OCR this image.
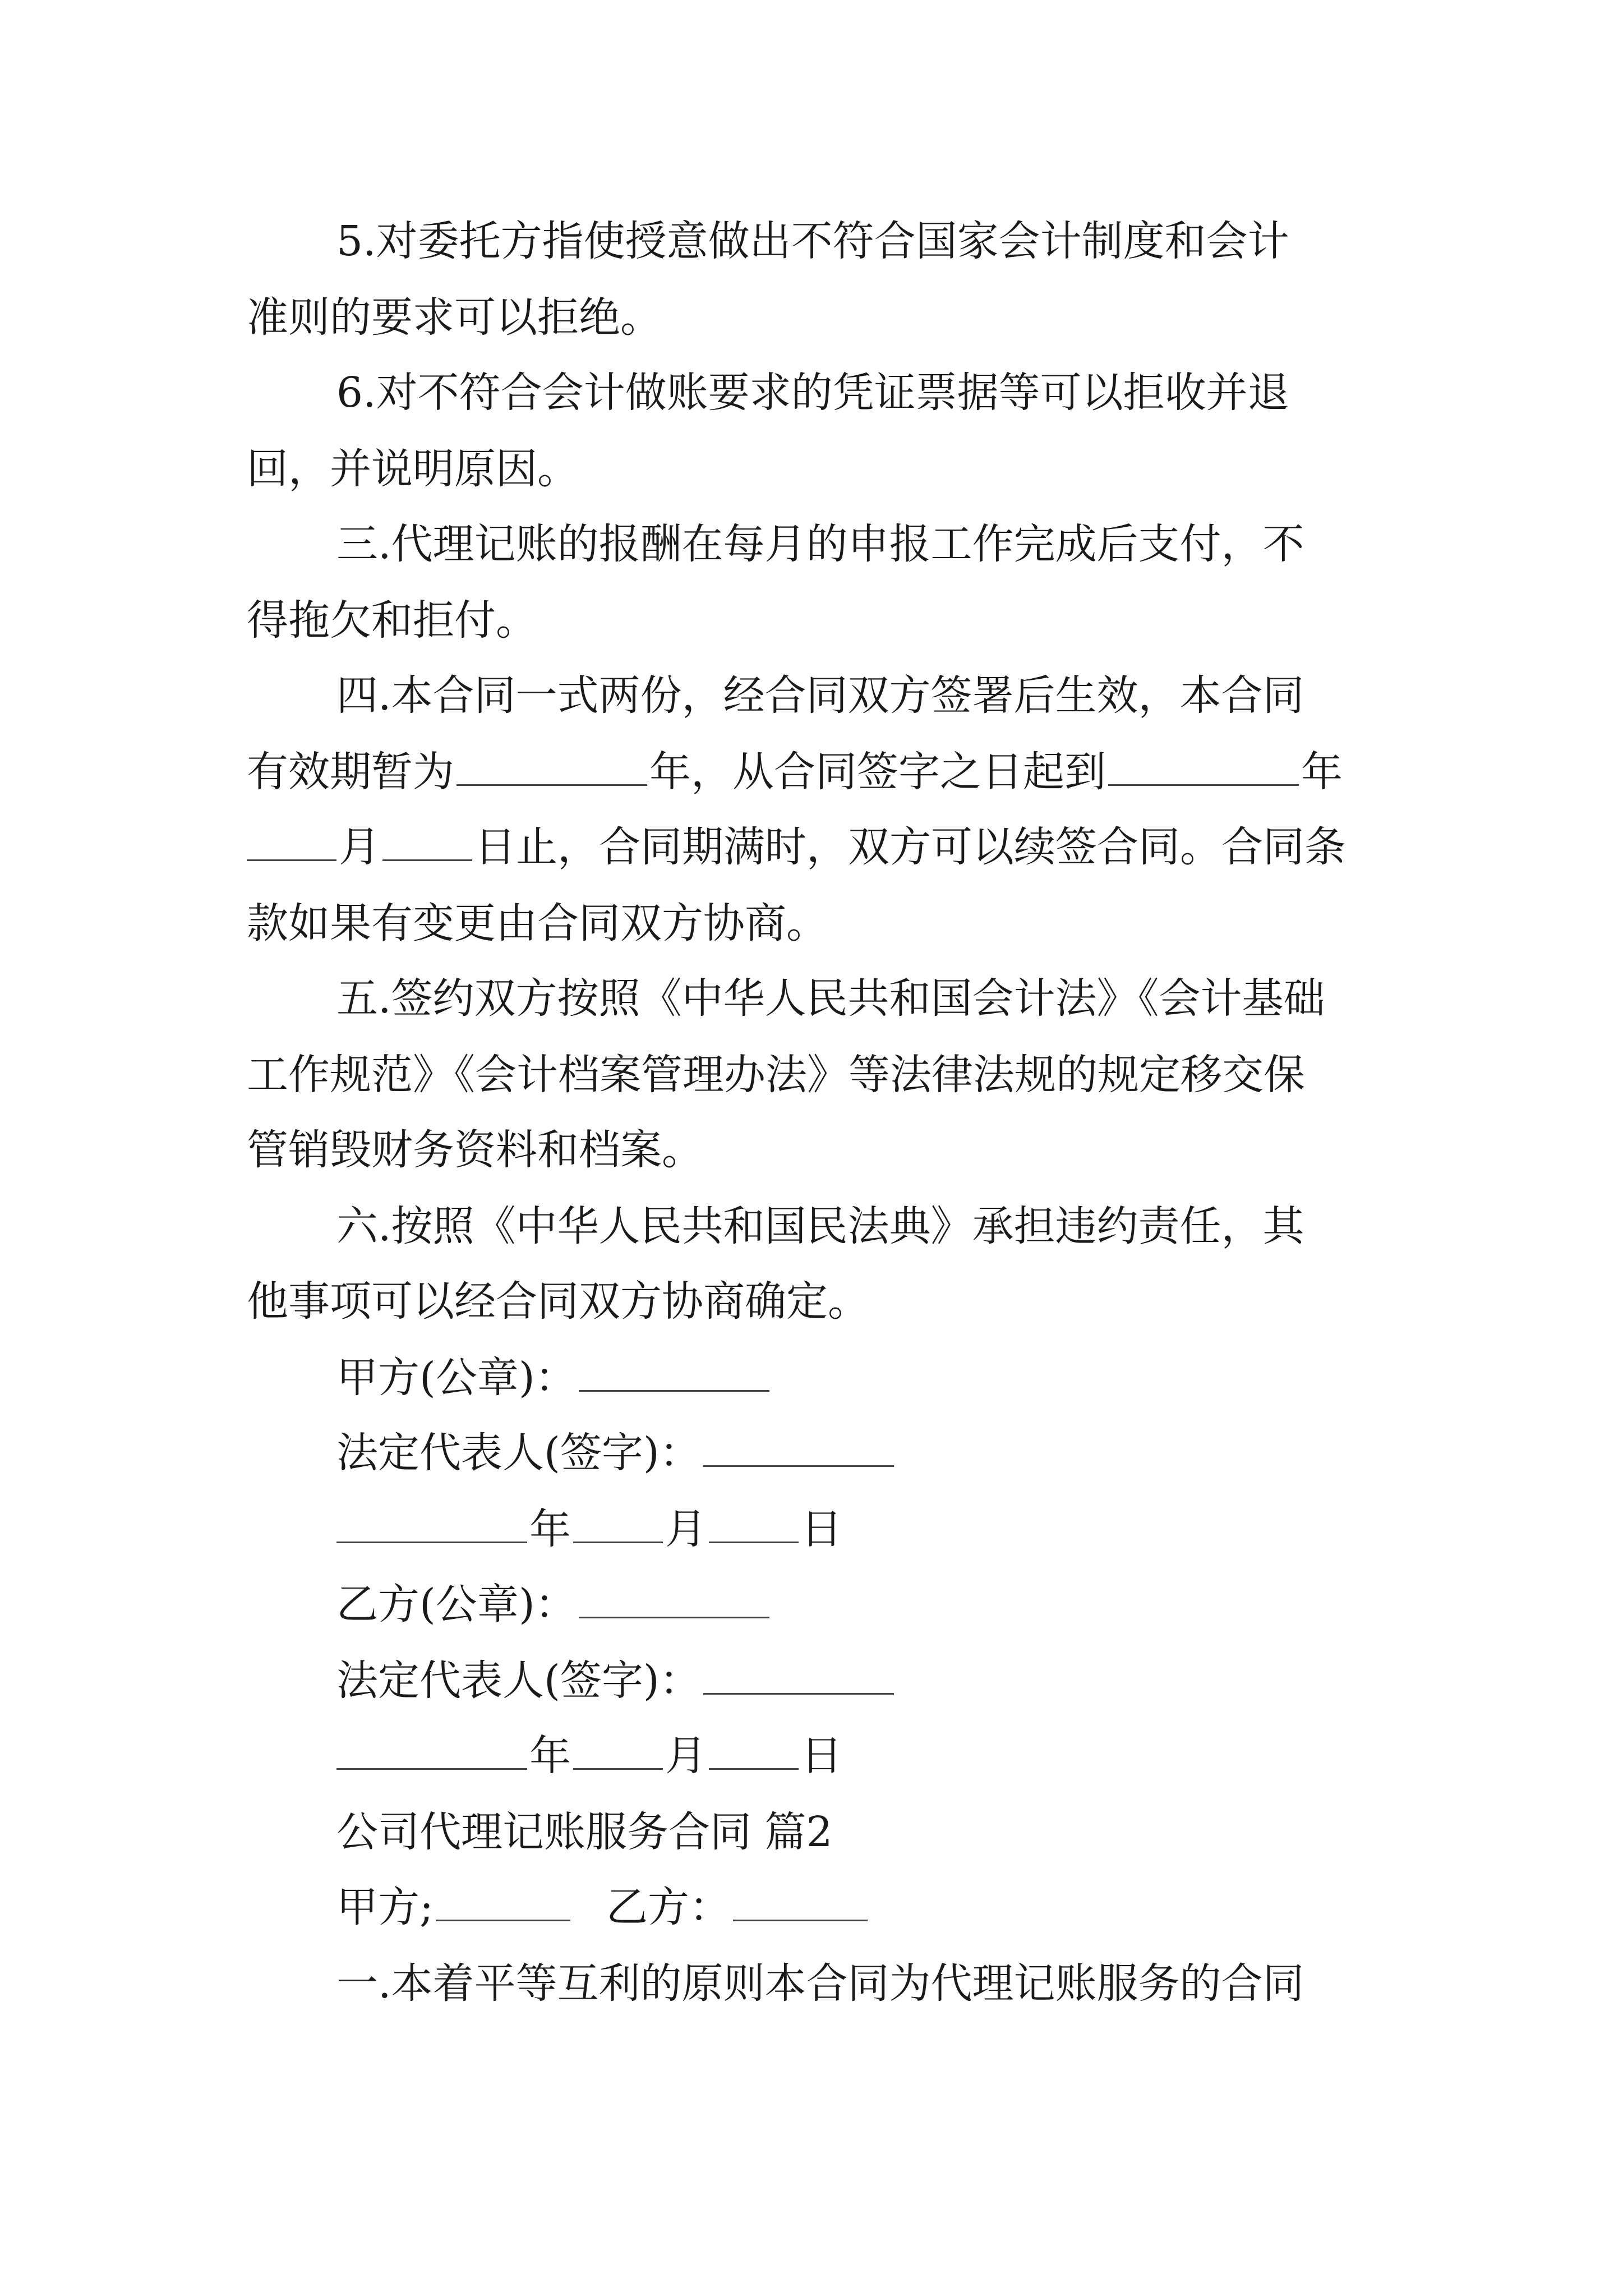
5.对委托方指使授意做出不符合国家会计制度和会计
准则的要求可以拒绝。
6.对不符合会计做账要求的凭证票据等可以拒收并退
回，并说明原因。
三.代理记账的报酬在每月的申报工作完成后支付，不
得拖欠和拒付。
四.本合同一式两份，经合同双方签署后生效，本合同
有效期暂为	年，从合同签字之日起到	年
月 日止，合同期满时，双方可以续签合同。合同条
款如果有变更由合同双方协商。
五.签约双方按照《中华人民共和国会计法》《会计基础
工作规范》《会计档案管理办法》等法律法规的规定移交保
管销毁财务资料和档案。
六.按照《中华人民共和国民法典》承担违约责任，其
他事项可以经合同双方协商确定。
甲方(公章)：
法定代表人(签字)：
年 月 日
乙方(公章)：
法定代表人(签字)：
年 月 日
公司代理记账服务合同 篇2
甲方;	乙方：
一.本着平等互利的原则本合同为代理记账服务的合同
